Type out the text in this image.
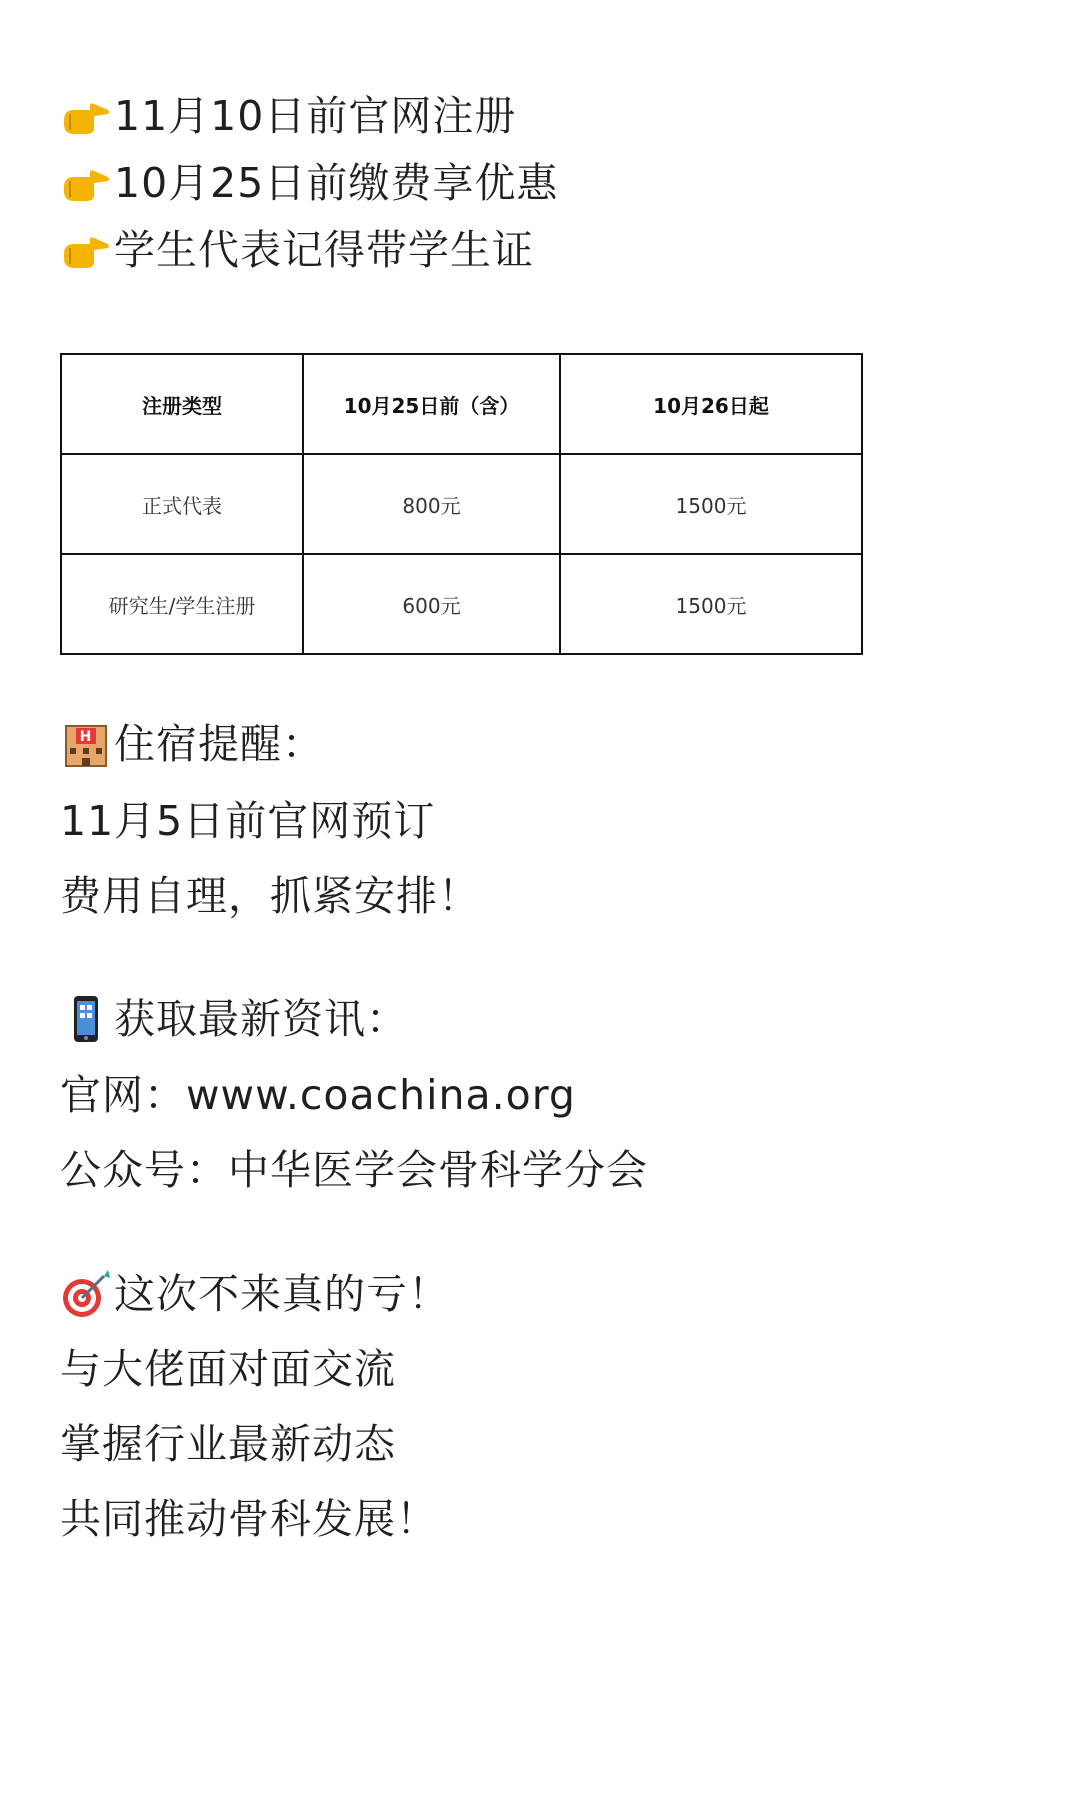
11月10日前官网注册
10月25日前缴费享优惠
学生代表记得带学生证
注册类型	10月25日前（含）	10月26日起
正式代表	800元	1500元
研究生/学生注册	600元	1500元
H 住宿提醒：
11月5日前官网预订
费用自理，抓紧安排！
获取最新资讯：
官网：www.coachina.org
公众号：中华医学会骨科学分会
这次不来真的亏！
与大佬面对面交流
掌握行业最新动态
共同推动骨科发展！
